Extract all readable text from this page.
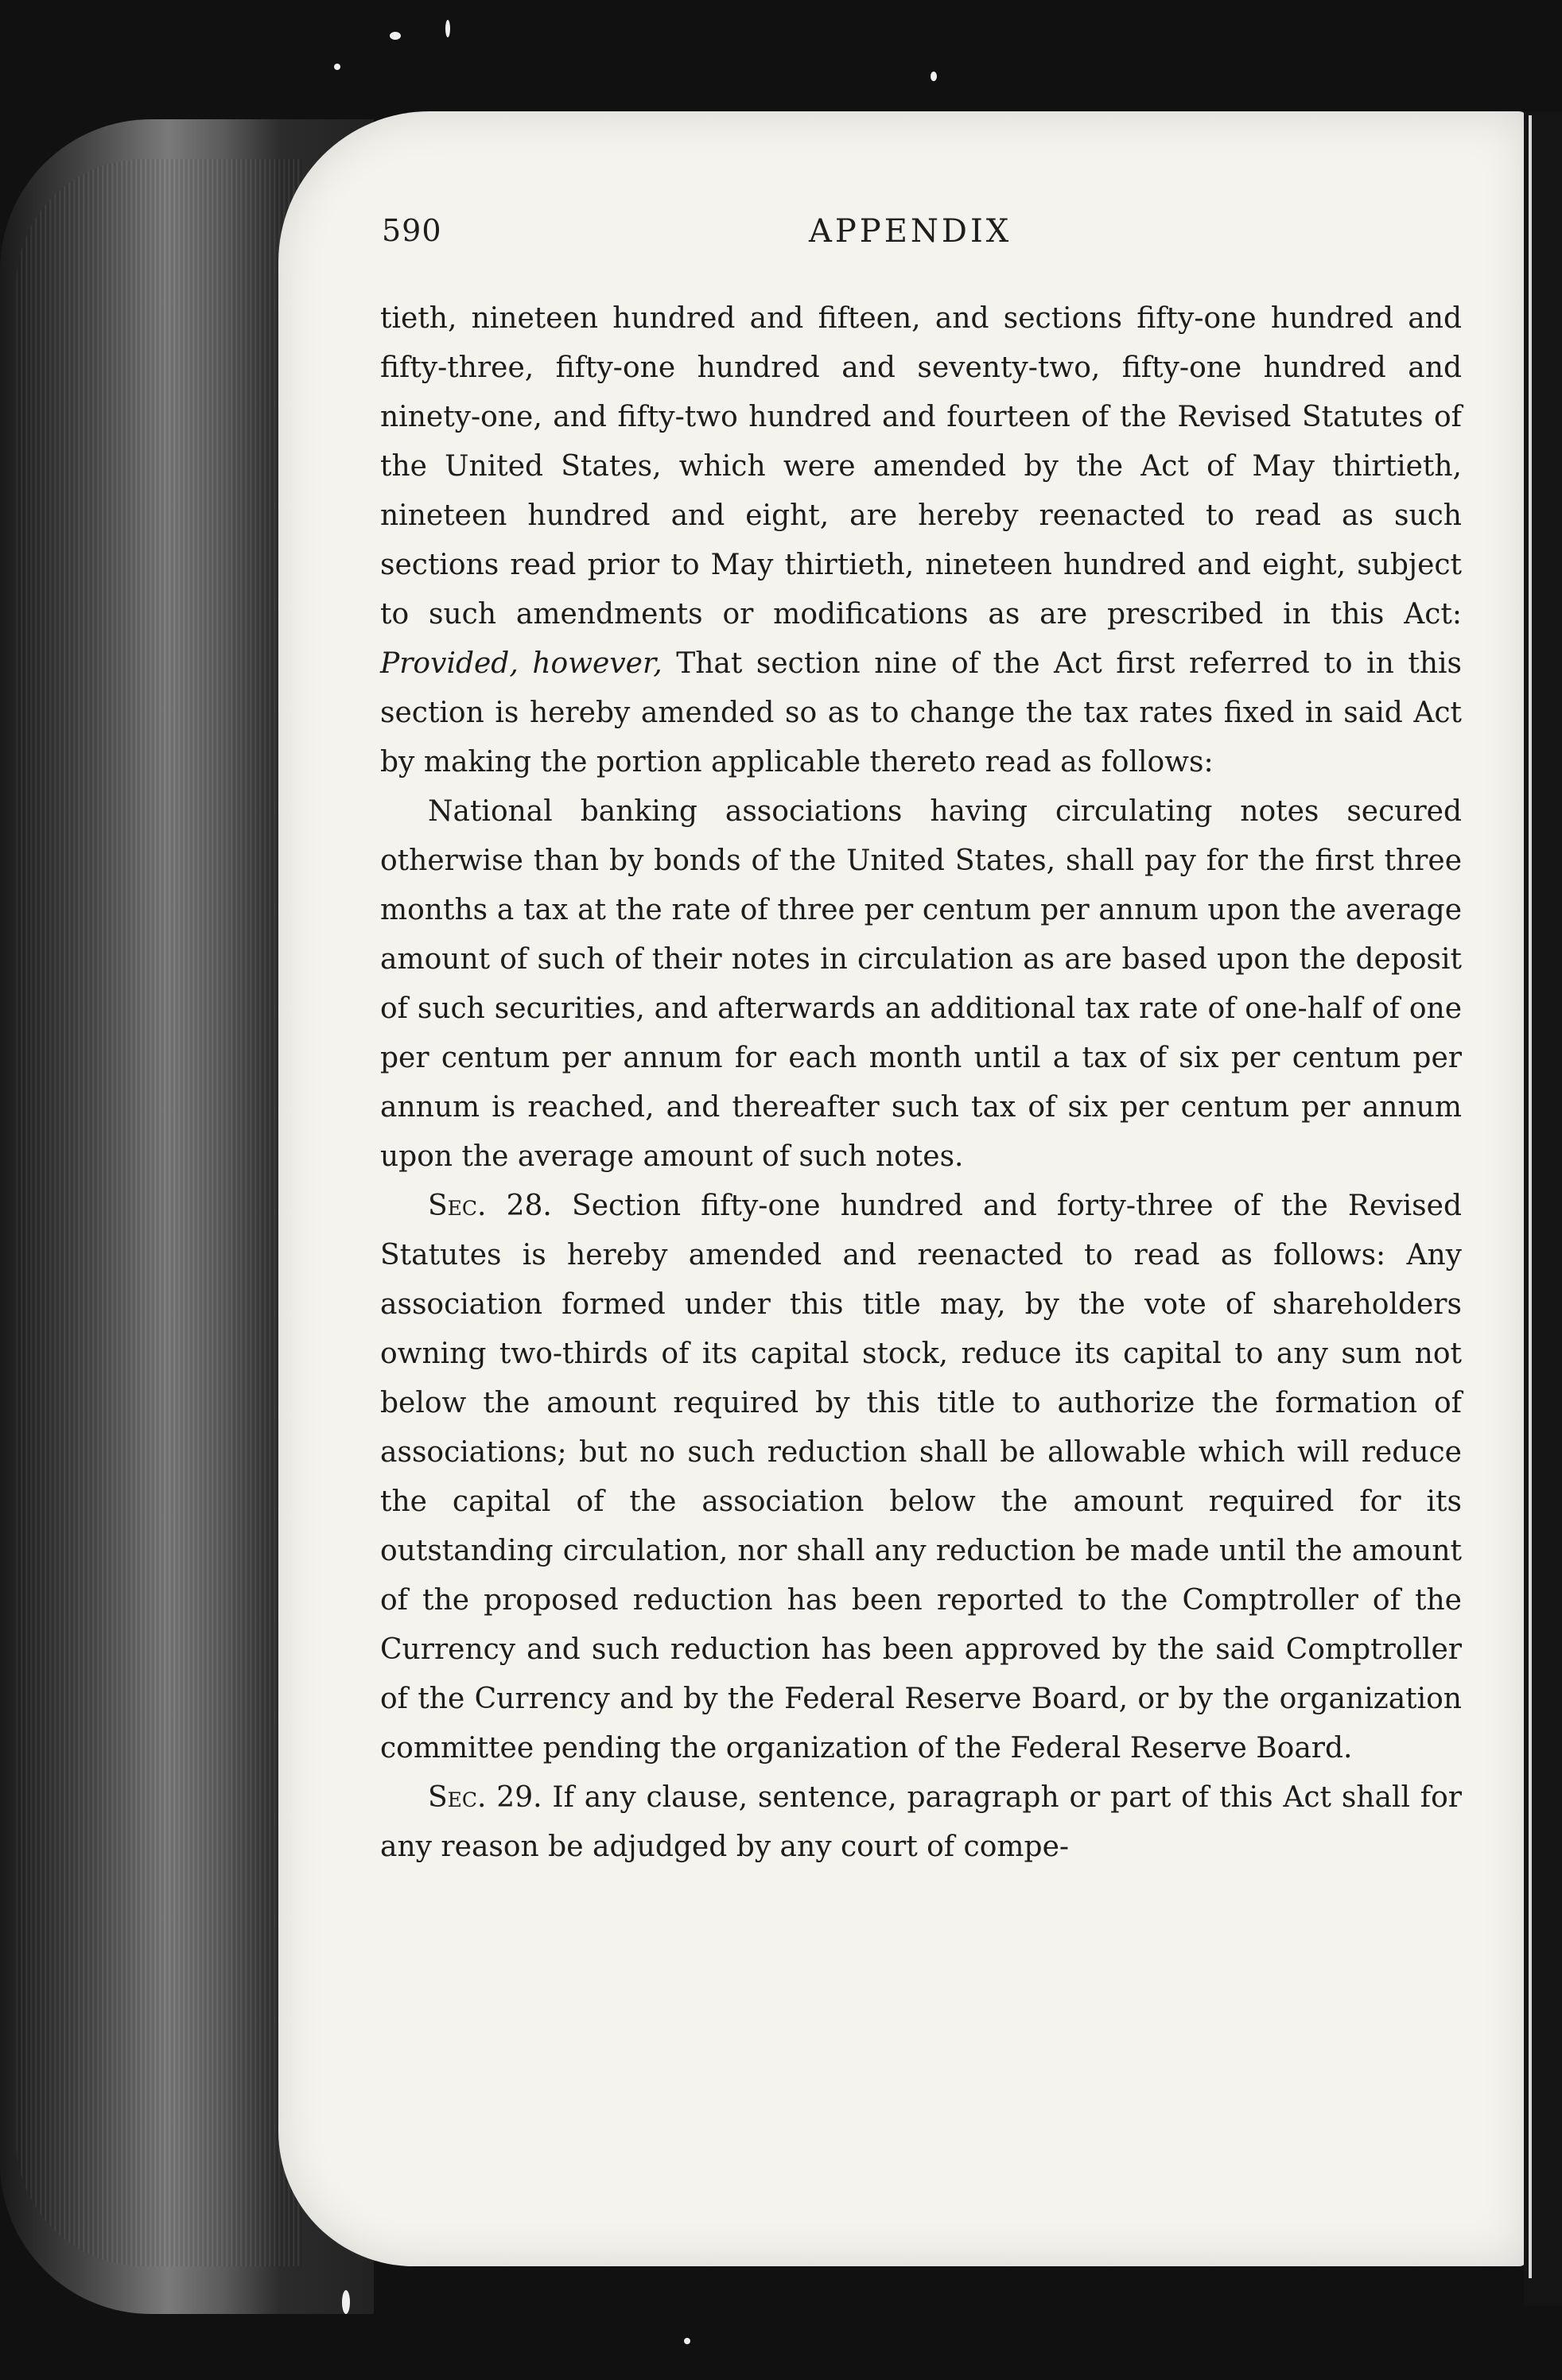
590	APPENDIX

tieth, nineteen hundred and fifteen, and sections fifty-one hundred and fifty-three, fifty-one hundred and seventy-two, fifty-one hundred and ninety-one, and fifty-two hundred and fourteen of the Revised Statutes of the United States, which were amended by the Act of May thirtieth, nineteen hundred and eight, are hereby reenacted to read as such sections read prior to May thirtieth, nineteen hundred and eight, subject to such amendments or modifications as are prescribed in this Act: Provided, however, That section nine of the Act first referred to in this section is hereby amended so as to change the tax rates fixed in said Act by making the portion applicable thereto read as follows:

National banking associations having circulating notes secured otherwise than by bonds of the United States, shall pay for the first three months a tax at the rate of three per centum per annum upon the average amount of such of their notes in circulation as are based upon the deposit of such securities, and afterwards an additional tax rate of one-half of one per centum per annum for each month until a tax of six per centum per annum is reached, and thereafter such tax of six per centum per annum upon the average amount of such notes.

Sec. 28. Section fifty-one hundred and forty-three of the Revised Statutes is hereby amended and reenacted to read as follows: Any association formed under this title may, by the vote of shareholders owning two-thirds of its capital stock, reduce its capital to any sum not below the amount required by this title to authorize the formation of associations; but no such reduction shall be allowable which will reduce the capital of the association below the amount required for its outstanding circulation, nor shall any reduction be made until the amount of the proposed reduction has been reported to the Comptroller of the Currency and such reduction has been approved by the said Comptroller of the Currency and by the Federal Reserve Board, or by the organization committee pending the organization of the Federal Reserve Board.

Sec. 29. If any clause, sentence, paragraph or part of this Act shall for any reason be adjudged by any court of compe-
